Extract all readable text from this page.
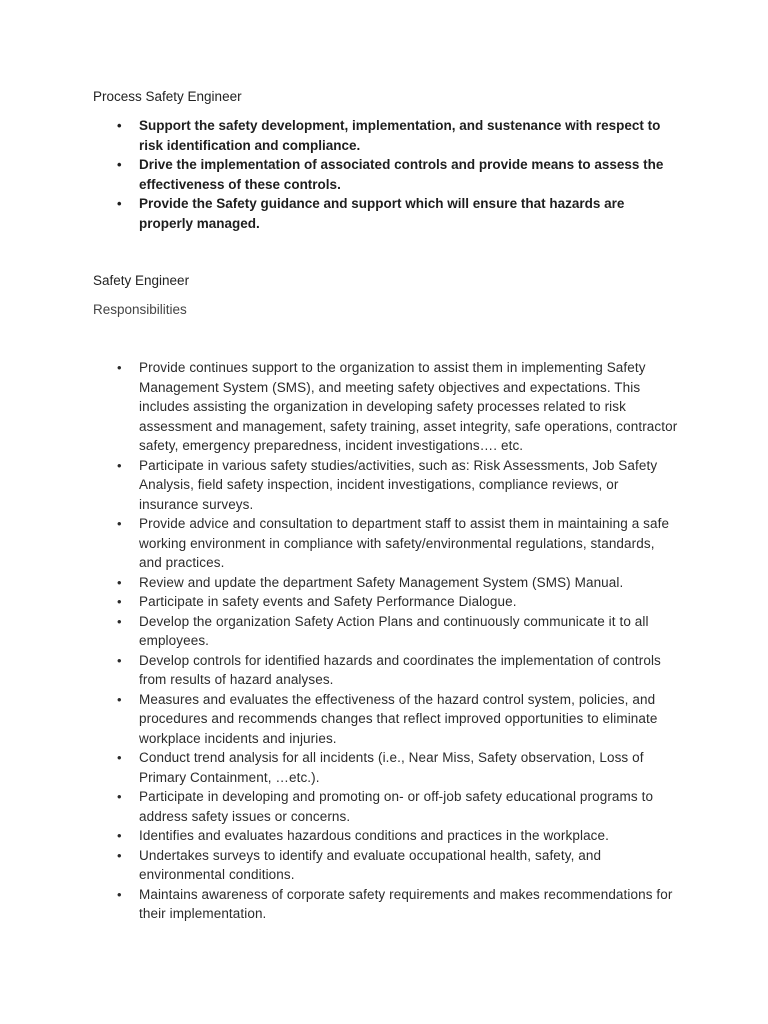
Process Safety Engineer
• Support the safety development, implementation, and sustenance with respect to risk identification and compliance.
• Drive the implementation of associated controls and provide means to assess the effectiveness of these controls.
• Provide the Safety guidance and support which will ensure that hazards are properly managed.
Safety Engineer
Responsibilities
• Provide continues support to the organization to assist them in implementing Safety Management System (SMS), and meeting safety objectives and expectations. This includes assisting the organization in developing safety processes related to risk assessment and management, safety training, asset integrity, safe operations, contractor safety, emergency preparedness, incident investigations…. etc.
• Participate in various safety studies/activities, such as: Risk Assessments, Job Safety Analysis, field safety inspection, incident investigations, compliance reviews, or insurance surveys.
• Provide advice and consultation to department staff to assist them in maintaining a safe working environment in compliance with safety/environmental regulations, standards, and practices.
• Review and update the department Safety Management System (SMS) Manual.
• Participate in safety events and Safety Performance Dialogue.
• Develop the organization Safety Action Plans and continuously communicate it to all employees.
• Develop controls for identified hazards and coordinates the implementation of controls from results of hazard analyses.
• Measures and evaluates the effectiveness of the hazard control system, policies, and procedures and recommends changes that reflect improved opportunities to eliminate workplace incidents and injuries.
• Conduct trend analysis for all incidents (i.e., Near Miss, Safety observation, Loss of Primary Containment, …etc.).
• Participate in developing and promoting on- or off-job safety educational programs to address safety issues or concerns.
• Identifies and evaluates hazardous conditions and practices in the workplace.
• Undertakes surveys to identify and evaluate occupational health, safety, and environmental conditions.
• Maintains awareness of corporate safety requirements and makes recommendations for their implementation.
